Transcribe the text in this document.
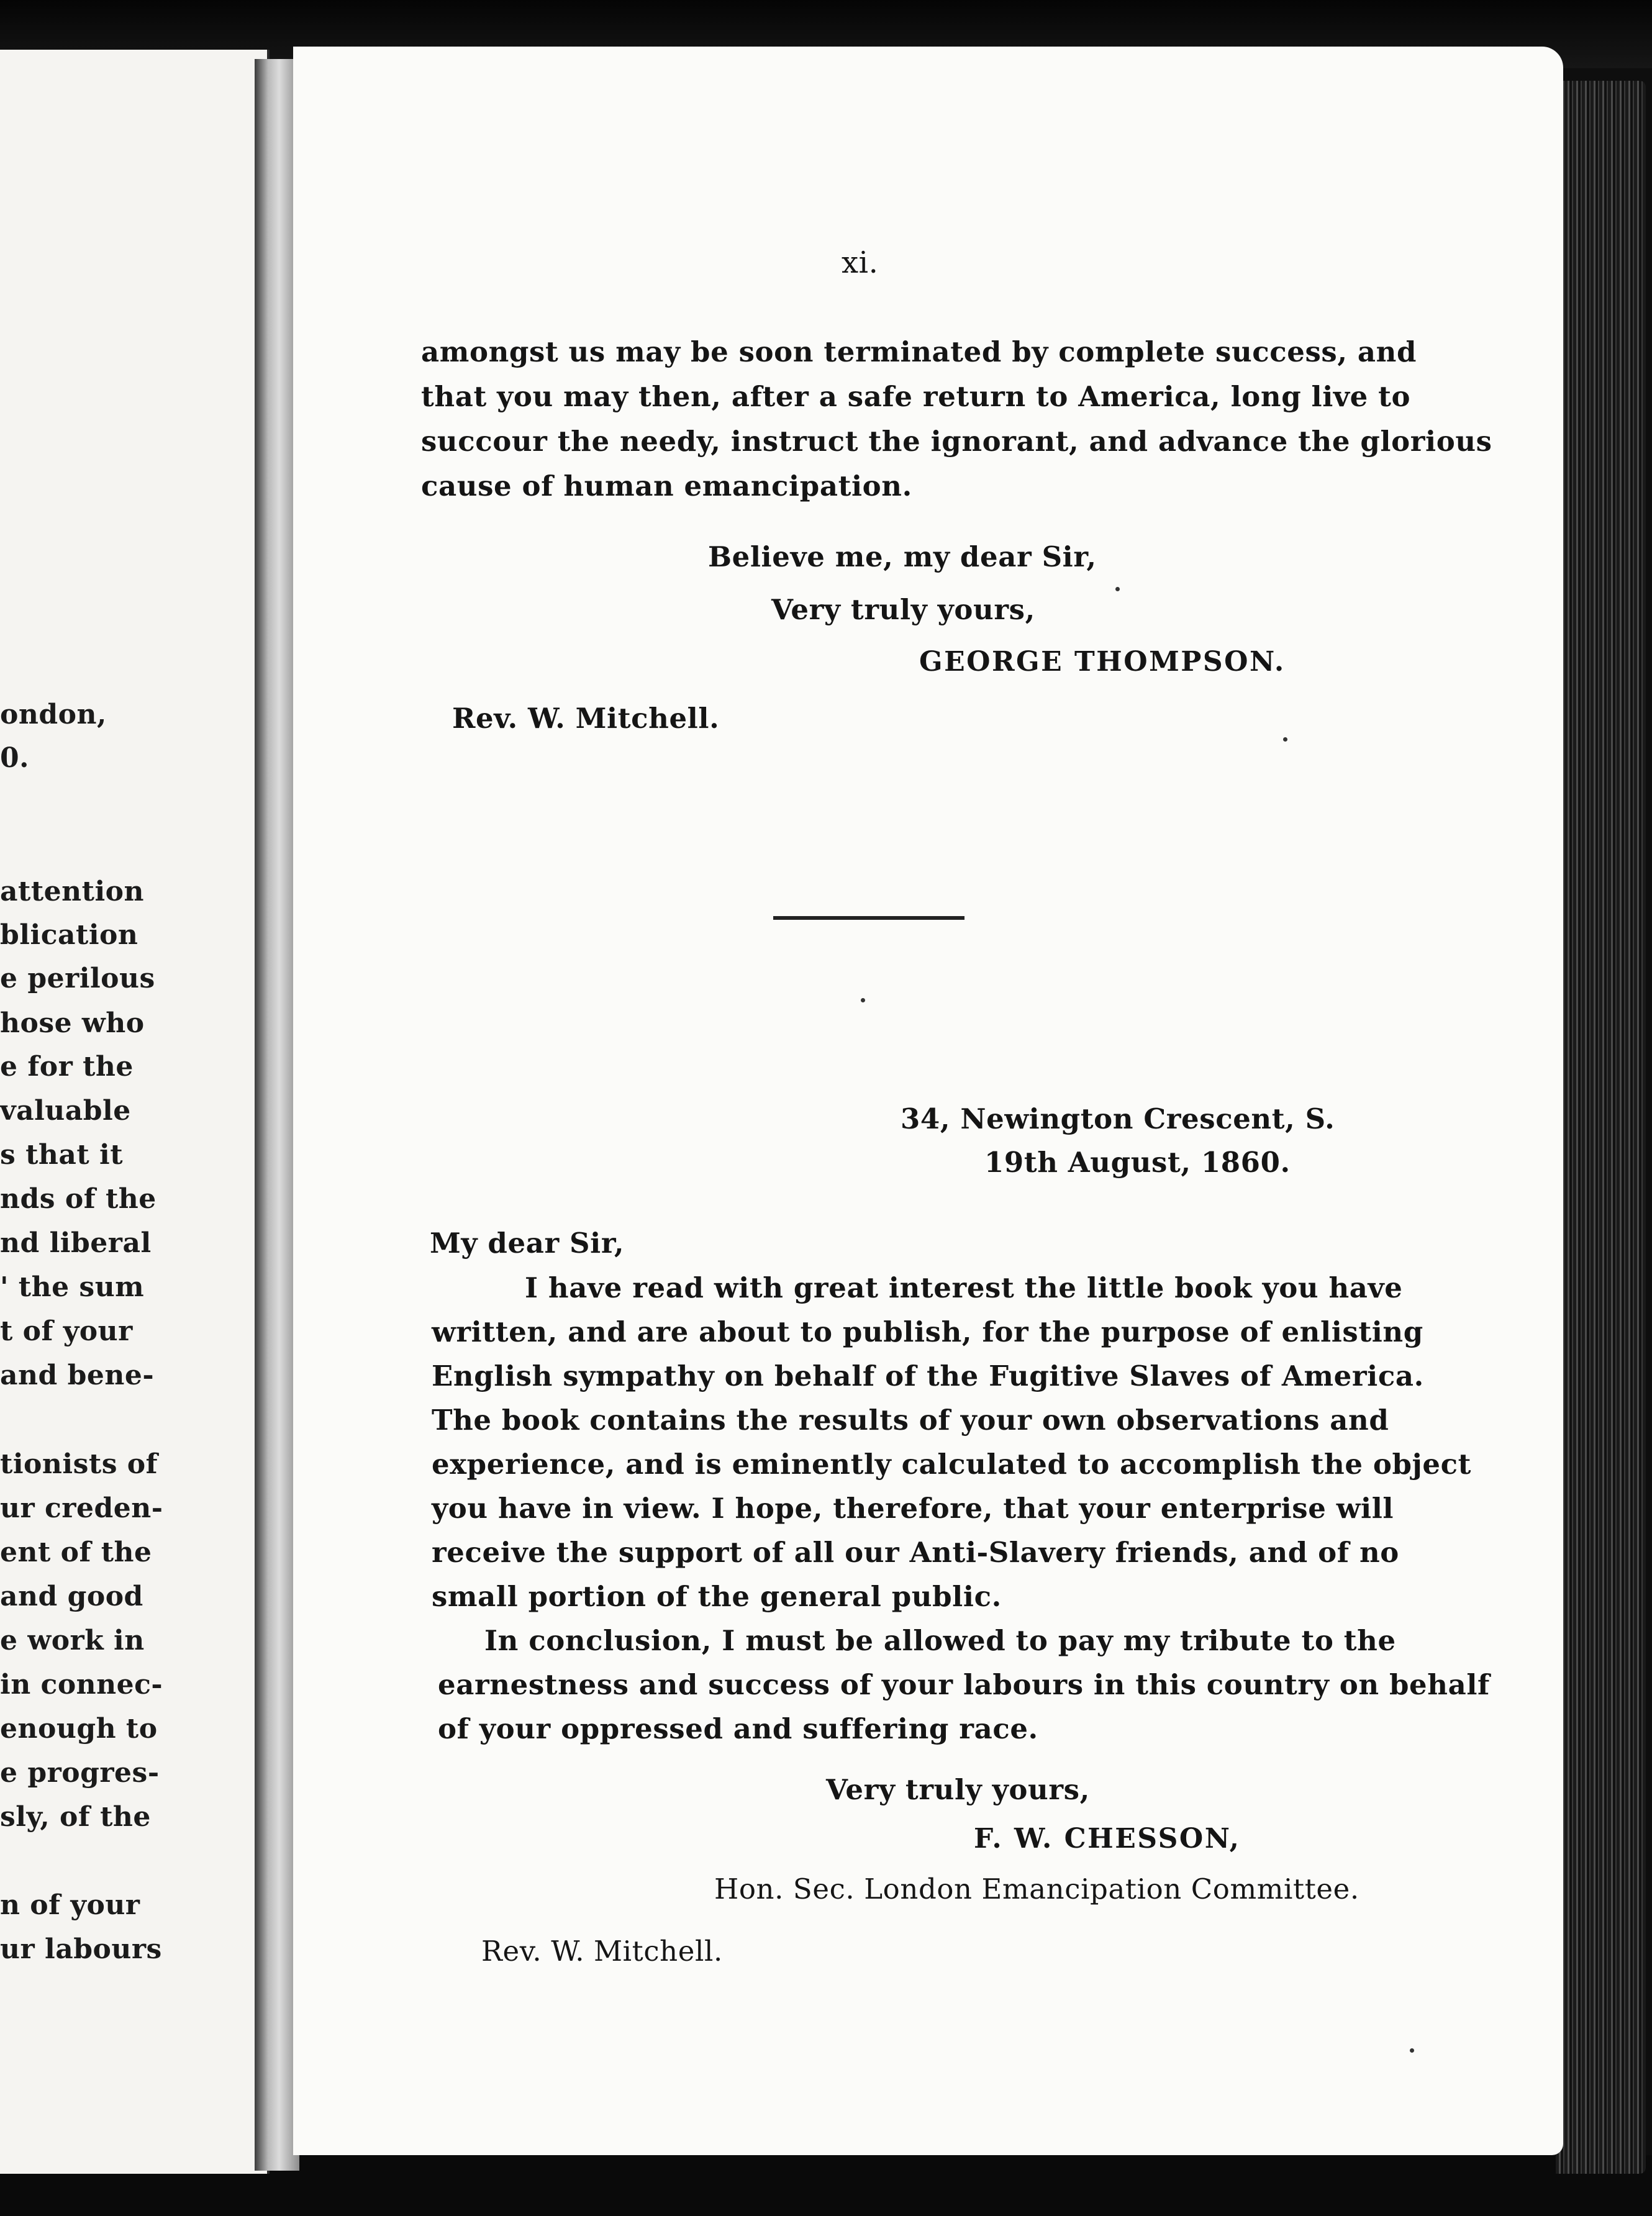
ondon,
0.
attention
blication
e perilous
hose who
e for the
valuable
s that it
nds of the
nd liberal
' the sum
t of your
and bene-
tionists of
ur creden-
ent of the
and good
e work in
in connec-
enough to
e progres-
sly, of the
n of your
ur labours
xi.
amongst us may be soon terminated by complete success, and
that you may then, after a safe return to America, long live to
succour the needy, instruct the ignorant, and advance the glorious
cause of human emancipation.
Believe me, my dear Sir,
Very truly yours,
GEORGE THOMPSON.
Rev. W. Mitchell.
34, Newington Crescent, S.
19th August, 1860.
My dear Sir,
I have read with great interest the little book you have
written, and are about to publish, for the purpose of enlisting
English sympathy on behalf of the Fugitive Slaves of America.
The book contains the results of your own observations and
experience, and is eminently calculated to accomplish the object
you have in view. I hope, therefore, that your enterprise will
receive the support of all our Anti-Slavery friends, and of no
small portion of the general public.
In conclusion, I must be allowed to pay my tribute to the
earnestness and success of your labours in this country on behalf
of your oppressed and suffering race.
Very truly yours,
F. W. CHESSON,
Hon. Sec. London Emancipation Committee.
Rev. W. Mitchell.
